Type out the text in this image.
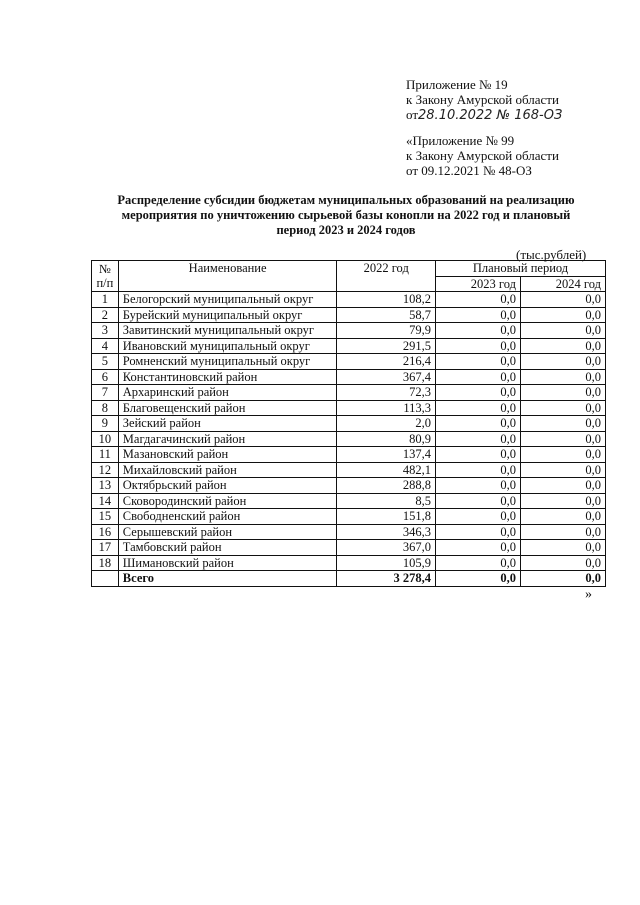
Приложение № 19
к Закону Амурской области
от28.10.2022 № 168-ОЗ
«Приложение № 99
к Закону Амурской области
от 09.12.2021 № 48-ОЗ
Распределение субсидии бюджетам муниципальных образований на реализацию
мероприятия по уничтожению сырьевой базы конопли на 2022 год и плановый
период 2023 и 2024 годов
(тыс.рублей)
№ п/п	Наименование	2022 год	Плановый период	
			2023 год	2024 год
1	Белогорский муниципальный округ	108,2	0,0	0,0
2	Бурейский муниципальный округ	58,7	0,0	0,0
3	Завитинский муниципальный округ	79,9	0,0	0,0
4	Ивановский муниципальный округ	291,5	0,0	0,0
5	Ромненский муниципальный округ	216,4	0,0	0,0
6	Константиновский район	367,4	0,0	0,0
7	Архаринский район	72,3	0,0	0,0
8	Благовещенский район	113,3	0,0	0,0
9	Зейский район	2,0	0,0	0,0
10	Магдагачинский район	80,9	0,0	0,0
11	Мазановский район	137,4	0,0	0,0
12	Михайловский район	482,1	0,0	0,0
13	Октябрьский район	288,8	0,0	0,0
14	Сковородинский район	8,5	0,0	0,0
15	Свободненский район	151,8	0,0	0,0
16	Серышевский район	346,3	0,0	0,0
17	Тамбовский район	367,0	0,0	0,0
18	Шимановский район	105,9	0,0	0,0
	Всего	3 278,4	0,0	0,0
»
